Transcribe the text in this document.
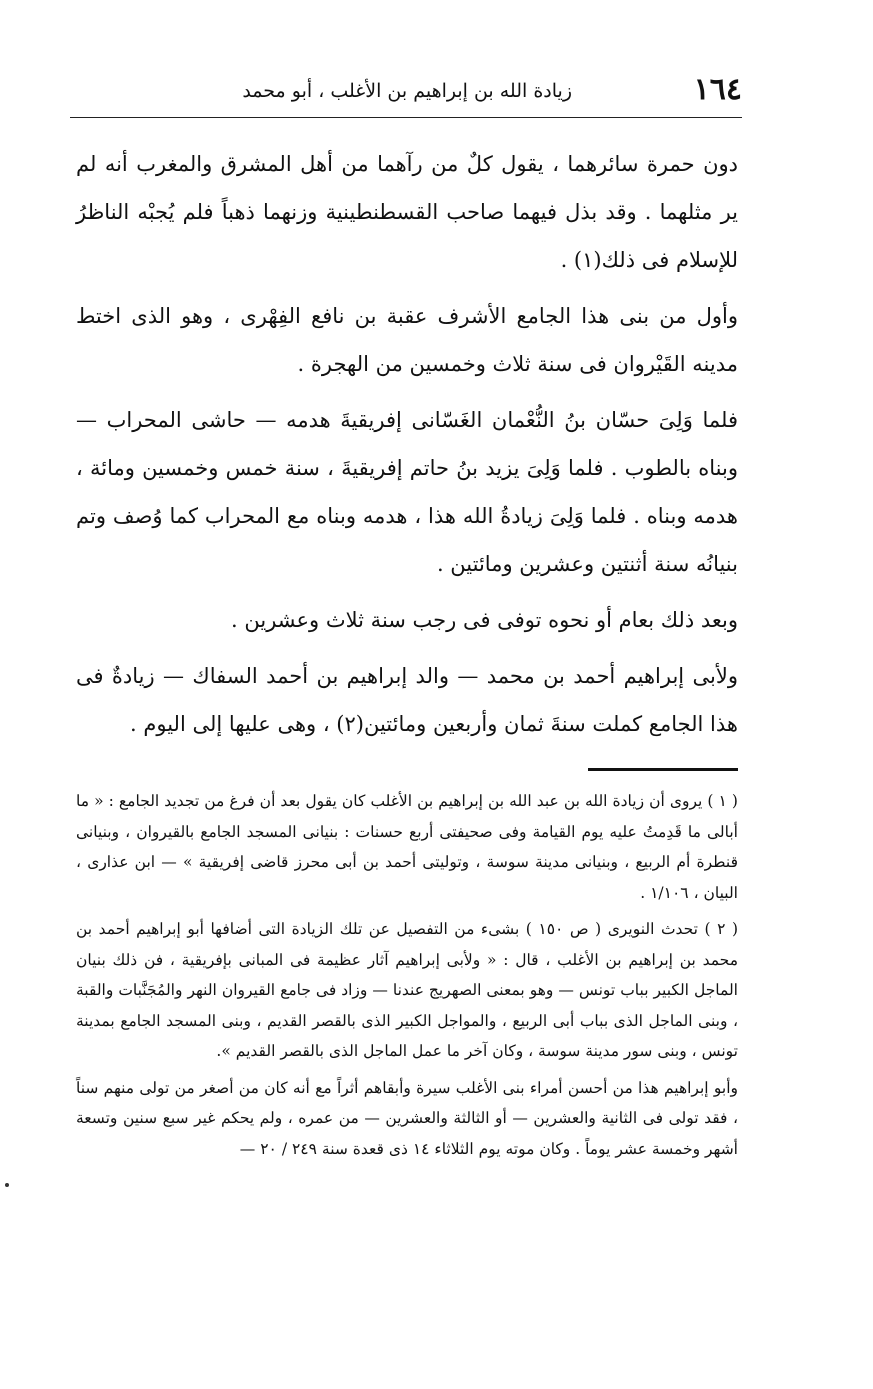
١٦٤
زيادة الله بن إبراهيم بن الأغلب ، أبو محمد

دون حمرة سائرهما ، يقول كلٌ من رآهما من أهل المشرق والمغرب أنه لم ير مثلهما . وقد بذل فيهما صاحب القسطنطينية وزنهما ذهباً فلم يُجبْه الناظرُ للإسلام فى ذلك(١) .

وأول من بنى هذا الجامع الأشرف عقبة بن نافع الفِهْرى ، وهو الذى اختط مدينه القَيْروان فى سنة ثلاث وخمسين من الهجرة .

فلما وَلِىَ حسّان بنُ النُّعْمان الغَسّانى إفريقيةَ هدمه — حاشى المحراب — وبناه بالطوب . فلما وَلِىَ يزيد بنُ حاتم إفريقيةَ ، سنة خمس وخمسين ومائة ، هدمه وبناه . فلما وَلِىَ زيادةُ الله هذا ، هدمه وبناه مع المحراب كما وُصف وتم بنيانُه سنة أثنتين وعشرين ومائتين .

وبعد ذلك بعام أو نحوه توفى فى رجب سنة ثلاث وعشرين .

ولأبى إبراهيم أحمد بن محمد — والد إبراهيم بن أحمد السفاك — زيادةٌ فى هذا الجامع كملت سنةَ ثمان وأربعين ومائتين(٢) ، وهى عليها إلى اليوم .

( ١ ) يروى أن زيادة الله بن عبد الله بن إبراهيم بن الأغلب كان يقول بعد أن فرغ من تجديد الجامع : « ما أبالى ما قَدِمتُ عليه يوم القيامة وفى صحيفتى أربع حسنات : بنيانى المسجد الجامع بالقيروان ، وبنيانى قنطرة أم الربيع ، وبنيانى مدينة سوسة ، وتوليتى أحمد بن أبى محرز قاضى إفريقية » — ابن عذارى ، البيان ، ١/١٠٦ .

( ٢ ) تحدث النويرى ( ص ١٥٠ ) بشىء من التفصيل عن تلك الزيادة التى أضافها أبو إبراهيم أحمد بن محمد بن إبراهيم بن الأغلب ، قال : « ولأبى إبراهيم آثار عظيمة فى المبانى بإفريقية ، فن ذلك بنيان الماجل الكبير بباب تونس — وهو بمعنى الصهريج عندنا — وزاد فى جامع القيروان النهر والمُجَنَّبات والقبة ، وبنى الماجل الذى بباب أبى الربيع ، والمواجل الكبير الذى بالقصر القديم ، وبنى المسجد الجامع بمدينة تونس ، وبنى سور مدينة سوسة ، وكان آخر ما عمل الماجل الذى بالقصر القديم ».

وأبو إبراهيم هذا من أحسن أمراء بنى الأغلب سيرة وأبقاهم أثراً مع أنه كان من أصغر من تولى منهم سناً ، فقد تولى فى الثانية والعشرين — أو الثالثة والعشرين — من عمره ، ولم يحكم غير سبع سنين وتسعة أشهر وخمسة عشر يوماً . وكان موته يوم الثلاثاء ١٤ ذى قعدة سنة ٢٤٩ / ٢٠ —
